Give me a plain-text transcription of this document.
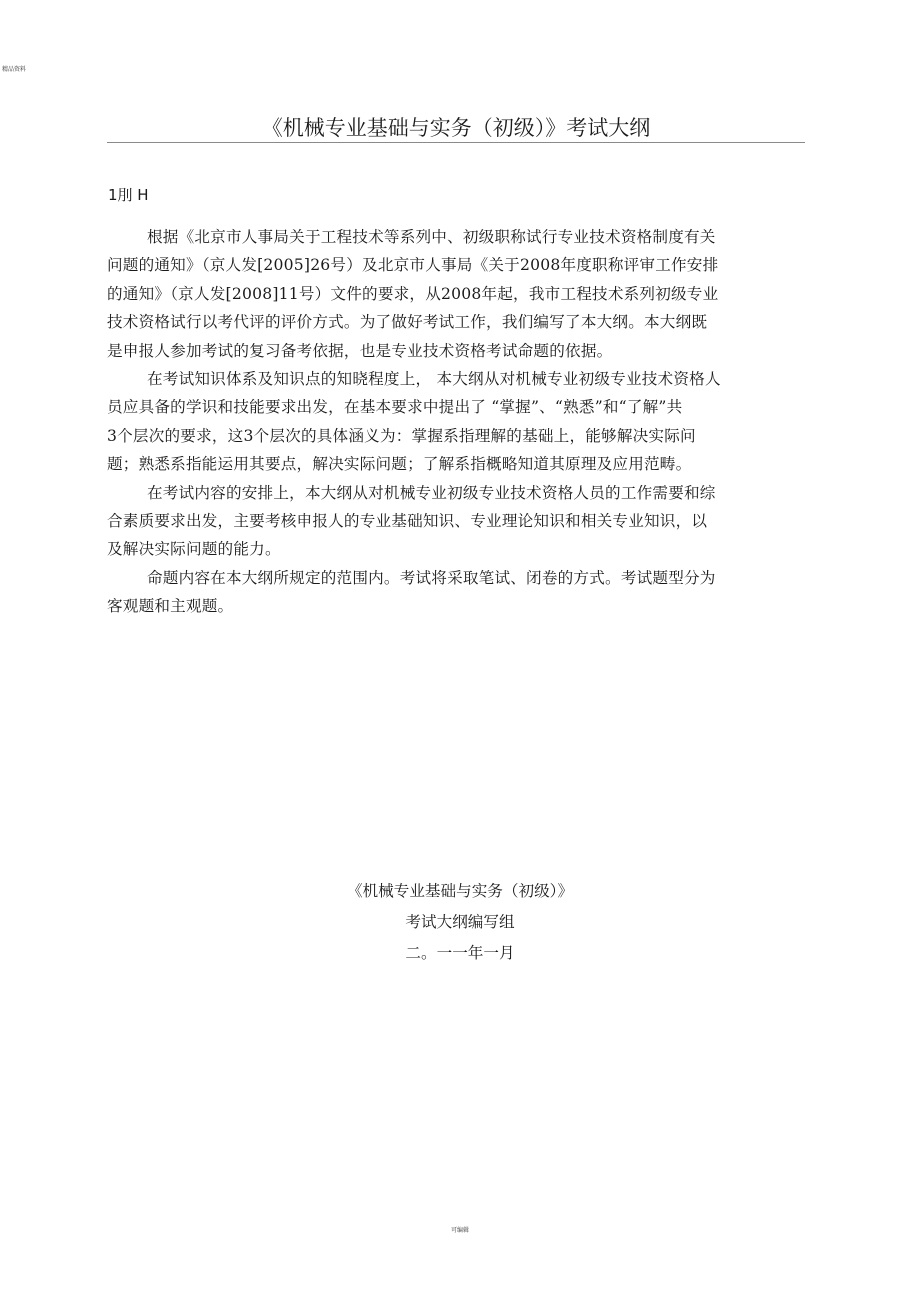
精品资料
《机械专业基础与实务（初级）》考试大纲
1刖 H
根据《北京市人事局关于工程技术等系列中、初级职称试行专业技术资格制度有关
问题的通知》（京人发[2005]26号）及北京市人事局《关于2008年度职称评审工作安排
的通知》（京人发[2008]11号）文件的要求，从2008年起，我市工程技术系列初级专业
技术资格试行以考代评的评价方式。为了做好考试工作，我们编写了本大纲。本大纲既
是申报人参加考试的复习备考依据，也是专业技术资格考试命题的依据。
在考试知识体系及知识点的知晓程度上， 本大纲从对机械专业初级专业技术资格人
员应具备的学识和技能要求出发，在基本要求中提出了 “掌握”、“熟悉”和“了解”共
3个层次的要求，这3个层次的具体涵义为：掌握系指理解的基础上，能够解决实际问
题；熟悉系指能运用其要点，解决实际问题；了解系指概略知道其原理及应用范畴。
在考试内容的安排上，本大纲从对机械专业初级专业技术资格人员的工作需要和综
合素质要求出发，主要考核申报人的专业基础知识、专业理论知识和相关专业知识，以
及解决实际问题的能力。
命题内容在本大纲所规定的范围内。考试将采取笔试、闭卷的方式。考试题型分为
客观题和主观题。
《机械专业基础与实务（初级）》
考试大纲编写组
二。一一年一月
可编辑
